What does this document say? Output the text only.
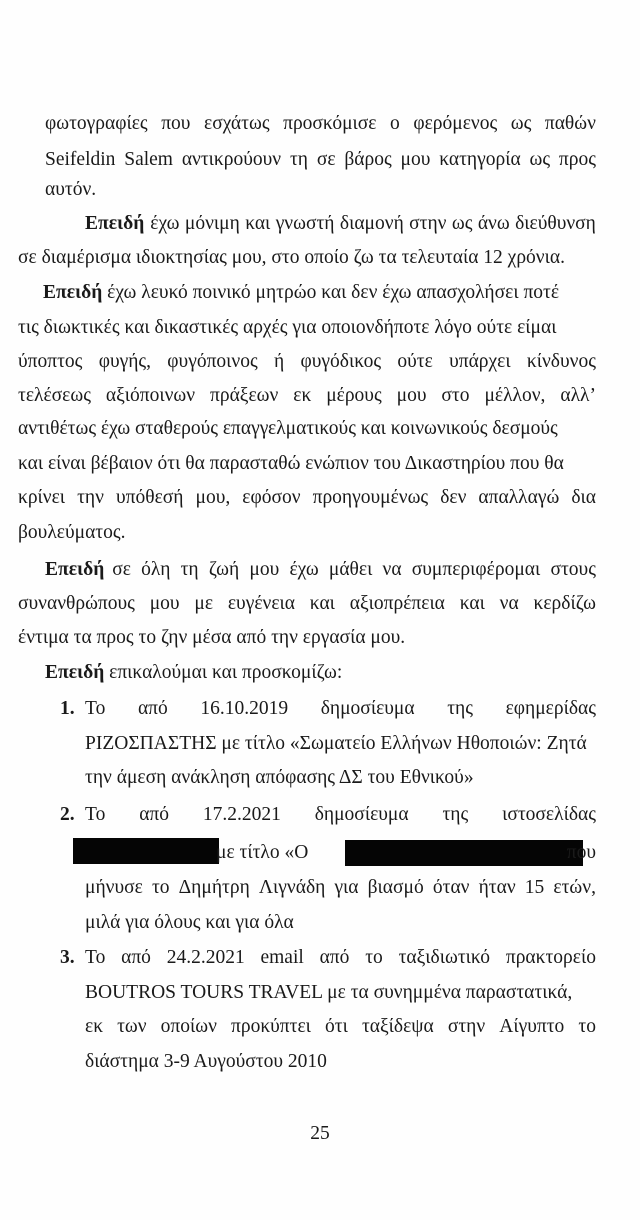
φωτογραφίες που εσχάτως προσκόμισε ο φερόμενος ως παθών
Seifeldin Salem αντικρούουν τη σε βάρος μου κατηγορία ως προς
αυτόν.
Επειδή έχω μόνιμη και γνωστή διαμονή στην ως άνω διεύθυνση
σε διαμέρισμα ιδιοκτησίας μου, στο οποίο ζω τα τελευταία 12 χρόνια.
Επειδή έχω λευκό ποινικό μητρώο και δεν έχω απασχολήσει ποτέ
τις διωκτικές και δικαστικές αρχές για οποιονδήποτε λόγο ούτε είμαι
ύποπτος φυγής, φυγόποινος ή φυγόδικος ούτε υπάρχει κίνδυνος
τελέσεως αξιόποινων πράξεων εκ μέρους μου στο μέλλον, αλλ’
αντιθέτως έχω σταθερούς επαγγελματικούς και κοινωνικούς δεσμούς
και είναι βέβαιον ότι θα παρασταθώ ενώπιον του Δικαστηρίου που θα
κρίνει την υπόθεσή μου, εφόσον προηγουμένως δεν απαλλαγώ δια
βουλεύματος.
Επειδή σε όλη τη ζωή μου έχω μάθει να συμπεριφέρομαι στους
συνανθρώπους μου με ευγένεια και αξιοπρέπεια και να κερδίζω
έντιμα τα προς το ζην μέσα από την εργασία μου.
Επειδή επικαλούμαι και προσκομίζω:
1. Το από 16.10.2019 δημοσίευμα της εφημερίδας
ΡΙΖΟΣΠΑΣΤΗΣ με τίτλο «Σωματείο Ελλήνων Ηθοποιών: Ζητά
την άμεση ανάκληση απόφασης ΔΣ του Εθνικού»
2. Το από 17.2.2021 δημοσίευμα της ιστοσελίδας
με τίτλο «Ο	που
μήνυσε το Δημήτρη Λιγνάδη για βιασμό όταν ήταν 15 ετών,
μιλά για όλους και για όλα
3. Το από 24.2.2021 email από το ταξιδιωτικό πρακτορείο
BOUTROS TOURS TRAVEL με τα συνημμένα παραστατικά,
εκ των οποίων προκύπτει ότι ταξίδεψα στην Αίγυπτο το
διάστημα 3-9 Αυγούστου 2010
25
